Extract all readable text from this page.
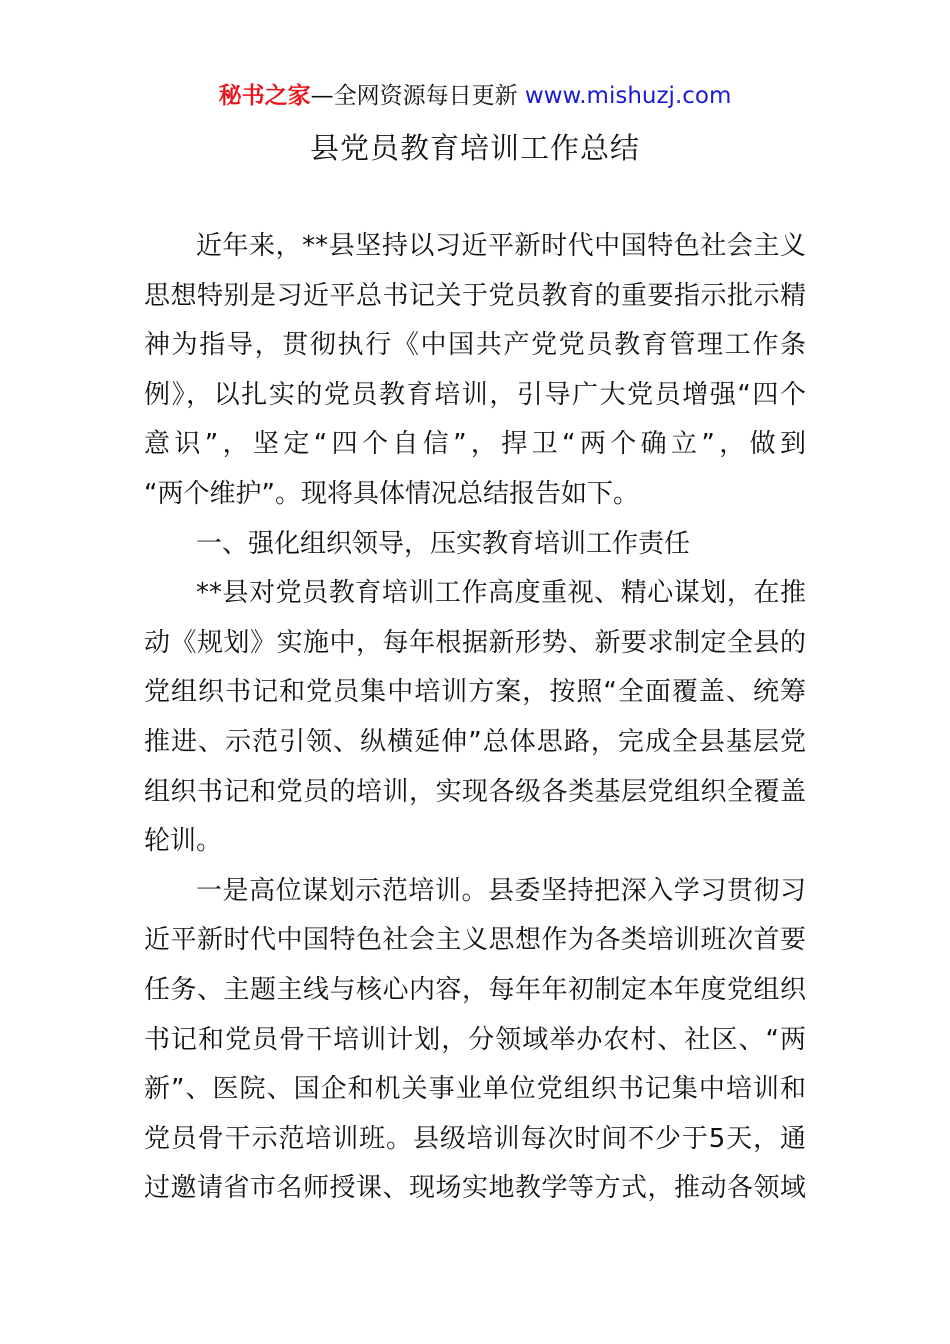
秘书之家—全网资源每日更新 www.mishuzj.com
县党员教育培训工作总结
近年来，**县坚持以习近平新时代中国特色社会主义
思想特别是习近平总书记关于党员教育的重要指示批示精
神为指导，贯彻执行《中国共产党党员教育管理工作条
例》，以扎实的党员教育培训，引导广大党员增强“四个
意识”，坚定“四个自信”，捍卫“两个确立”，做到
“两个维护”。现将具体情况总结报告如下。
一、强化组织领导，压实教育培训工作责任
**县对党员教育培训工作高度重视、精心谋划，在推
动《规划》实施中，每年根据新形势、新要求制定全县的
党组织书记和党员集中培训方案，按照“全面覆盖、统筹
推进、示范引领、纵横延伸”总体思路，完成全县基层党
组织书记和党员的培训，实现各级各类基层党组织全覆盖
轮训。
一是高位谋划示范培训。县委坚持把深入学习贯彻习
近平新时代中国特色社会主义思想作为各类培训班次首要
任务、主题主线与核心内容，每年年初制定本年度党组织
书记和党员骨干培训计划，分领域举办农村、社区、“两
新”、医院、国企和机关事业单位党组织书记集中培训和
党员骨干示范培训班。县级培训每次时间不少于5天，通
过邀请省市名师授课、现场实地教学等方式，推动各领域
